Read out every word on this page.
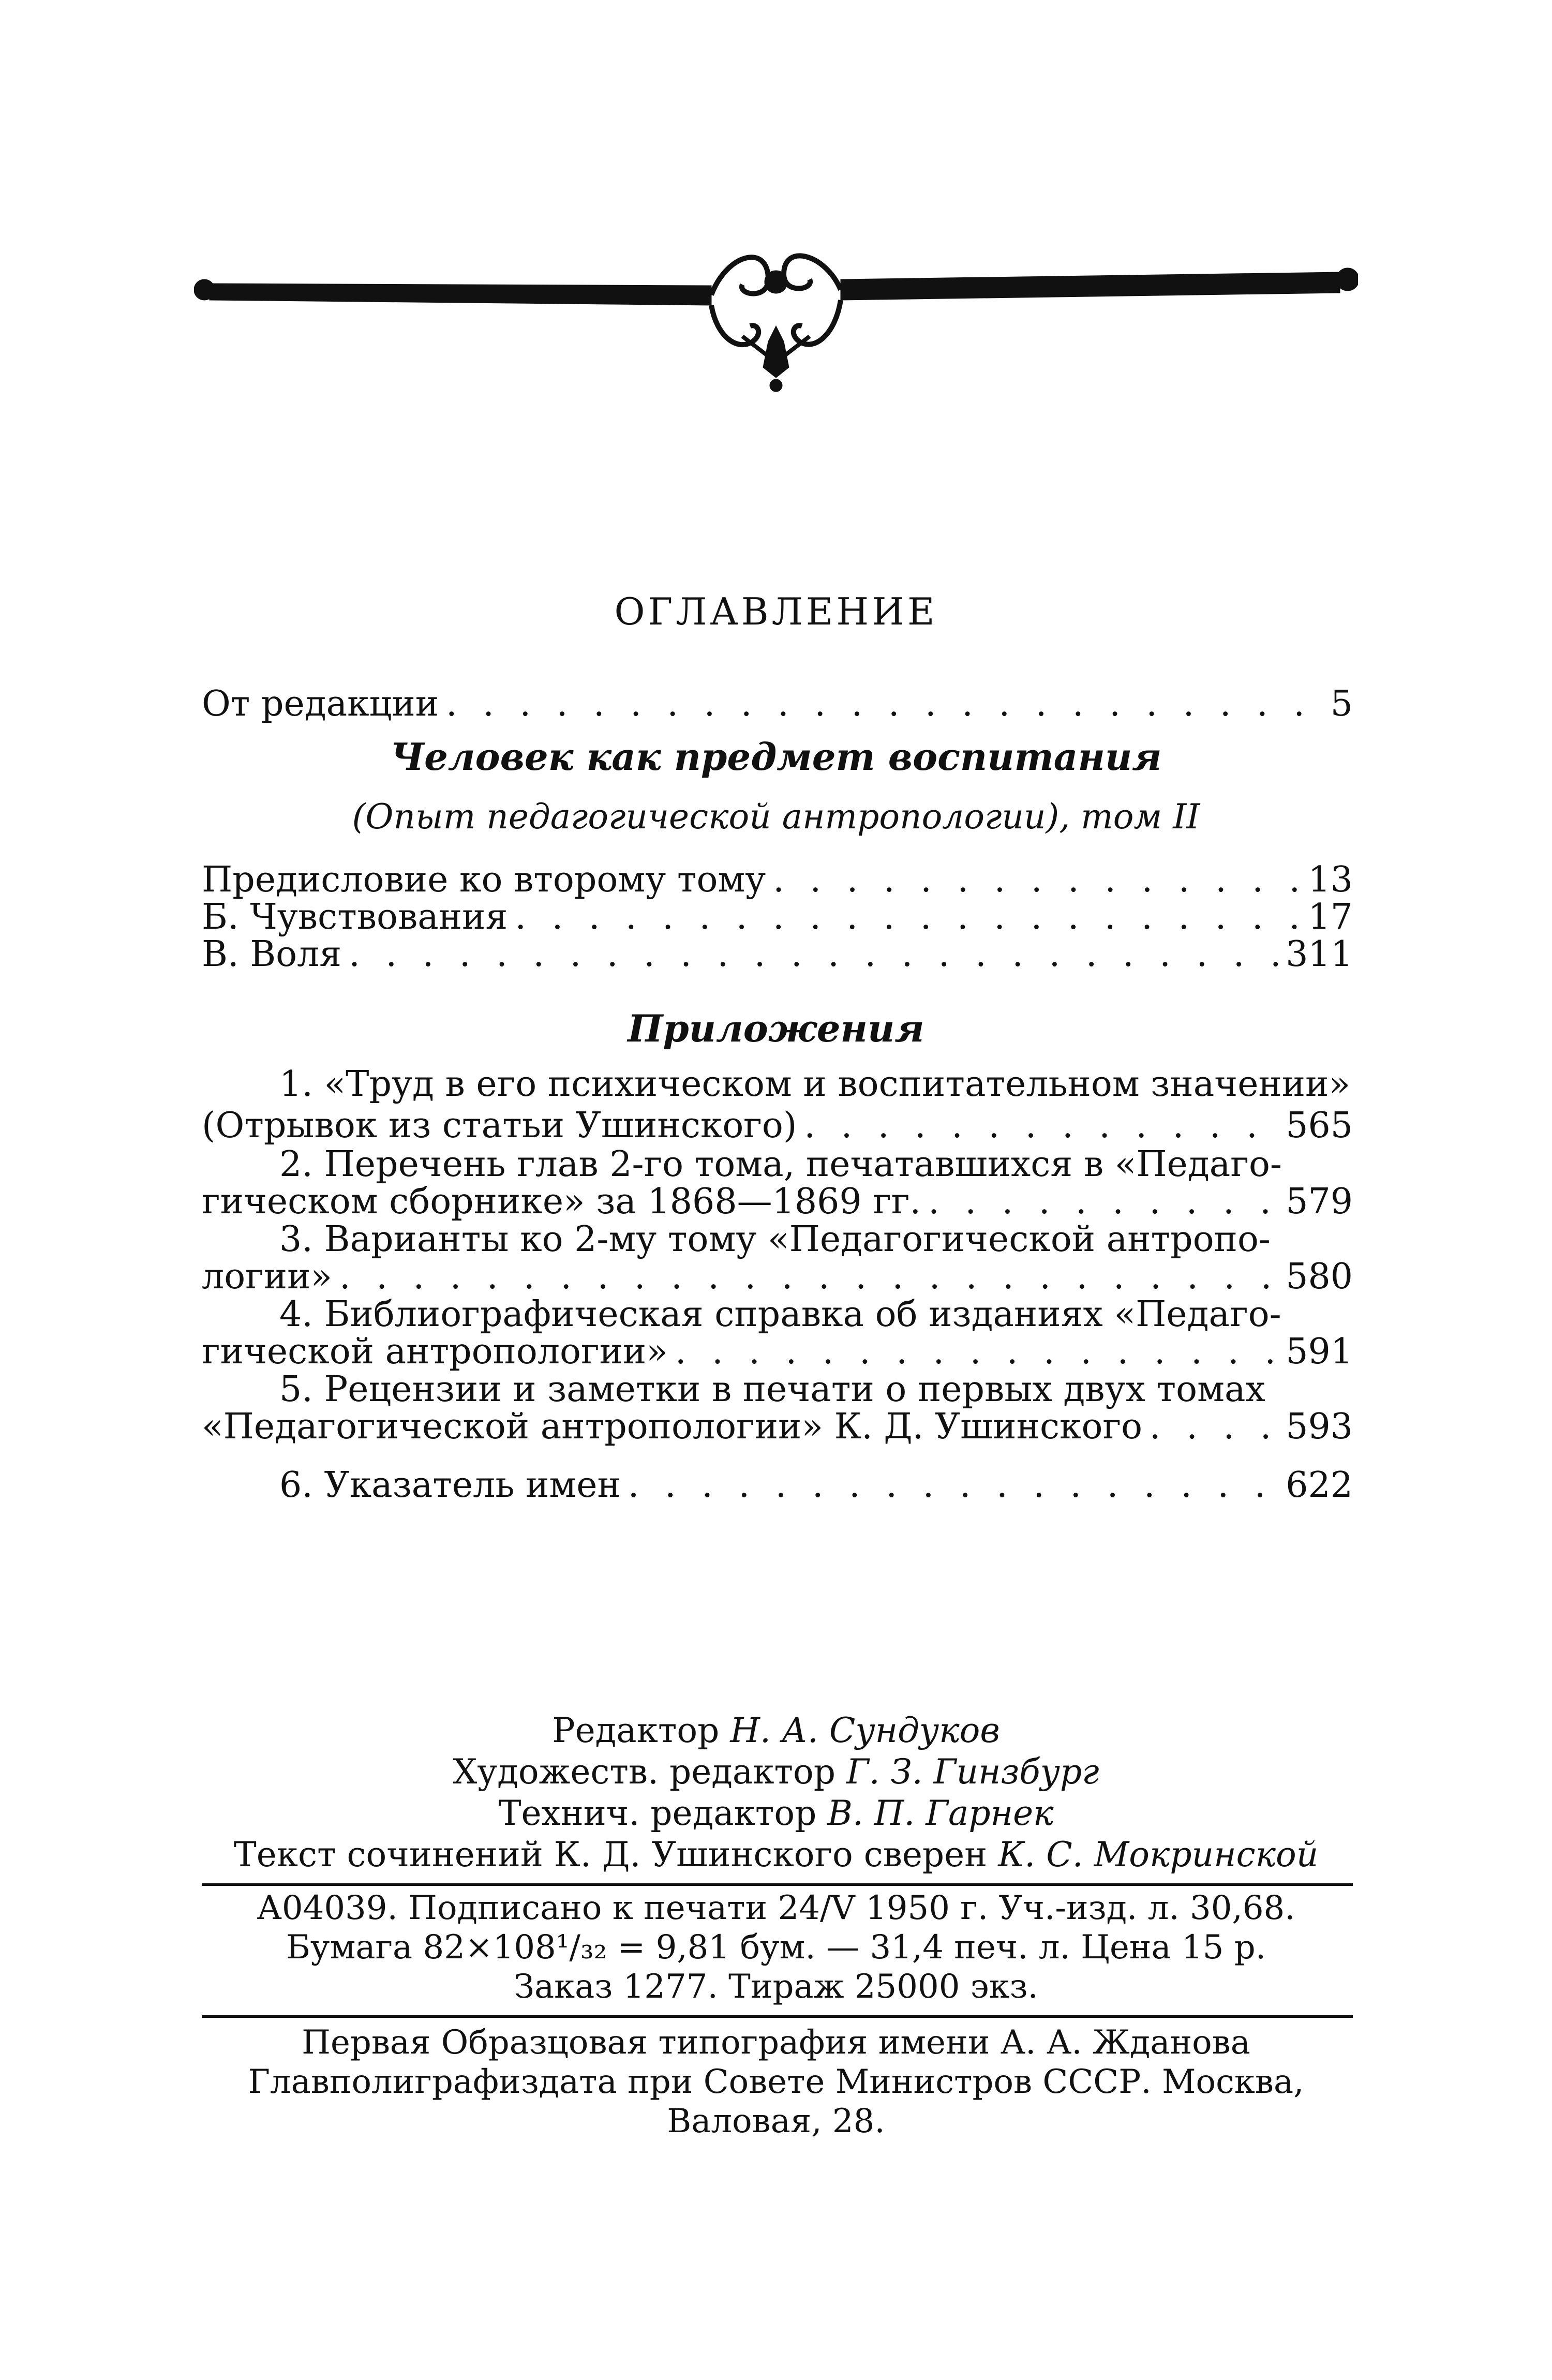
ОГЛАВЛЕНИЕ
От редакции . . .	5
Человек как предмет воспитания
(Опыт педагогической антропологии), том II
Предисловие ко второму тому . . .	13
Б. Чувствования . . .	17
В. Воля . . .	311
Приложения
1. «Труд в его психическом и воспитательном значении»
(Отрывок из статьи Ушинского) . . .	565
2. Перечень глав 2-го тома, печатавшихся в «Педаго-
гическом сборнике» за 1868—1869 гг. . . .	579
3. Варианты ко 2-му тому «Педагогической антропо-
логии» . . .	580
4. Библиографическая справка об изданиях «Педаго-
гической антропологии» . . .	591
5. Рецензии и заметки в печати о первых двух томах
«Педагогической антропологии» К. Д. Ушинского . . .	593
6. Указатель имен . . .	622
Редактор Н. А. Сундуков
Художеств. редактор Г. З. Гинзбург
Технич. редактор В. П. Гарнек
Текст сочинений К. Д. Ушинского сверен К. С. Мокринской
А04039. Подписано к печати 24/V 1950 г. Уч.-изд. л. 30,68.
Бумага 82×108¹/₃₂ = 9,81 бум. — 31,4 печ. л. Цена 15 р.
Заказ 1277. Тираж 25000 экз.
Первая Образцовая типография имени А. А. Жданова
Главполиграфиздата при Совете Министров СССР. Москва,
Валовая, 28.
